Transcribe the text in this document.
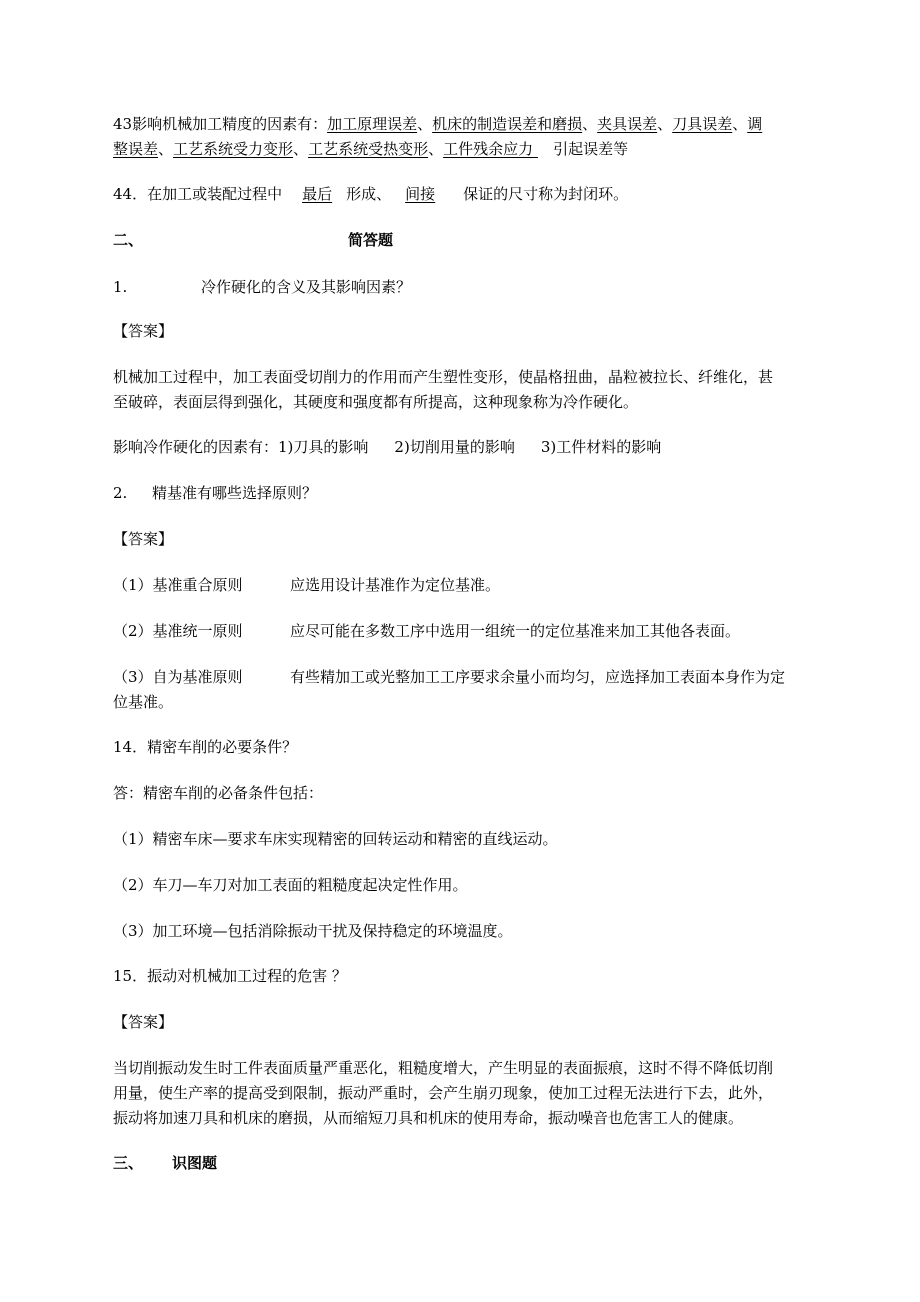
43影响机械加工精度的因素有：加工原理误差、机床的制造误差和磨损、夹具误差、刀具误差、调
整误差、工艺系统受力变形、工艺系统受热变形、工件残余应力 引起误差等
44．在加工或装配过程中 最后 形成、 间接 保证的尺寸称为封闭环。
二、	简答题
1.	冷作硬化的含义及其影响因素？
【答案】
机械加工过程中，加工表面受切削力的作用而产生塑性变形，使晶格扭曲，晶粒被拉长、纤维化，甚
至破碎，表面层得到强化，其硬度和强度都有所提高，这种现象称为冷作硬化。
影响冷作硬化的因素有：1)刀具的影响 2)切削用量的影响 3)工件材料的影响
2. 精基准有哪些选择原则？
【答案】
（1）基准重合原则	应选用设计基准作为定位基准。
（2）基准统一原则	应尽可能在多数工序中选用一组统一的定位基准来加工其他各表面。
（3）自为基准原则	有些精加工或光整加工工序要求余量小而均匀，应选择加工表面本身作为定
位基准。
14．精密车削的必要条件？
答：精密车削的必备条件包括：
（1）精密车床—要求车床实现精密的回转运动和精密的直线运动。
（2）车刀—车刀对加工表面的粗糙度起决定性作用。
（3）加工环境—包括消除振动干扰及保持稳定的环境温度。
15．振动对机械加工过程的危害 ？
【答案】
当切削振动发生时工件表面质量严重恶化，粗糙度增大，产生明显的表面振痕，这时不得不降低切削
用量，使生产率的提高受到限制，振动严重时，会产生崩刃现象，使加工过程无法进行下去，此外，
振动将加速刀具和机床的磨损，从而缩短刀具和机床的使用寿命，振动噪音也危害工人的健康。
三、 识图题
